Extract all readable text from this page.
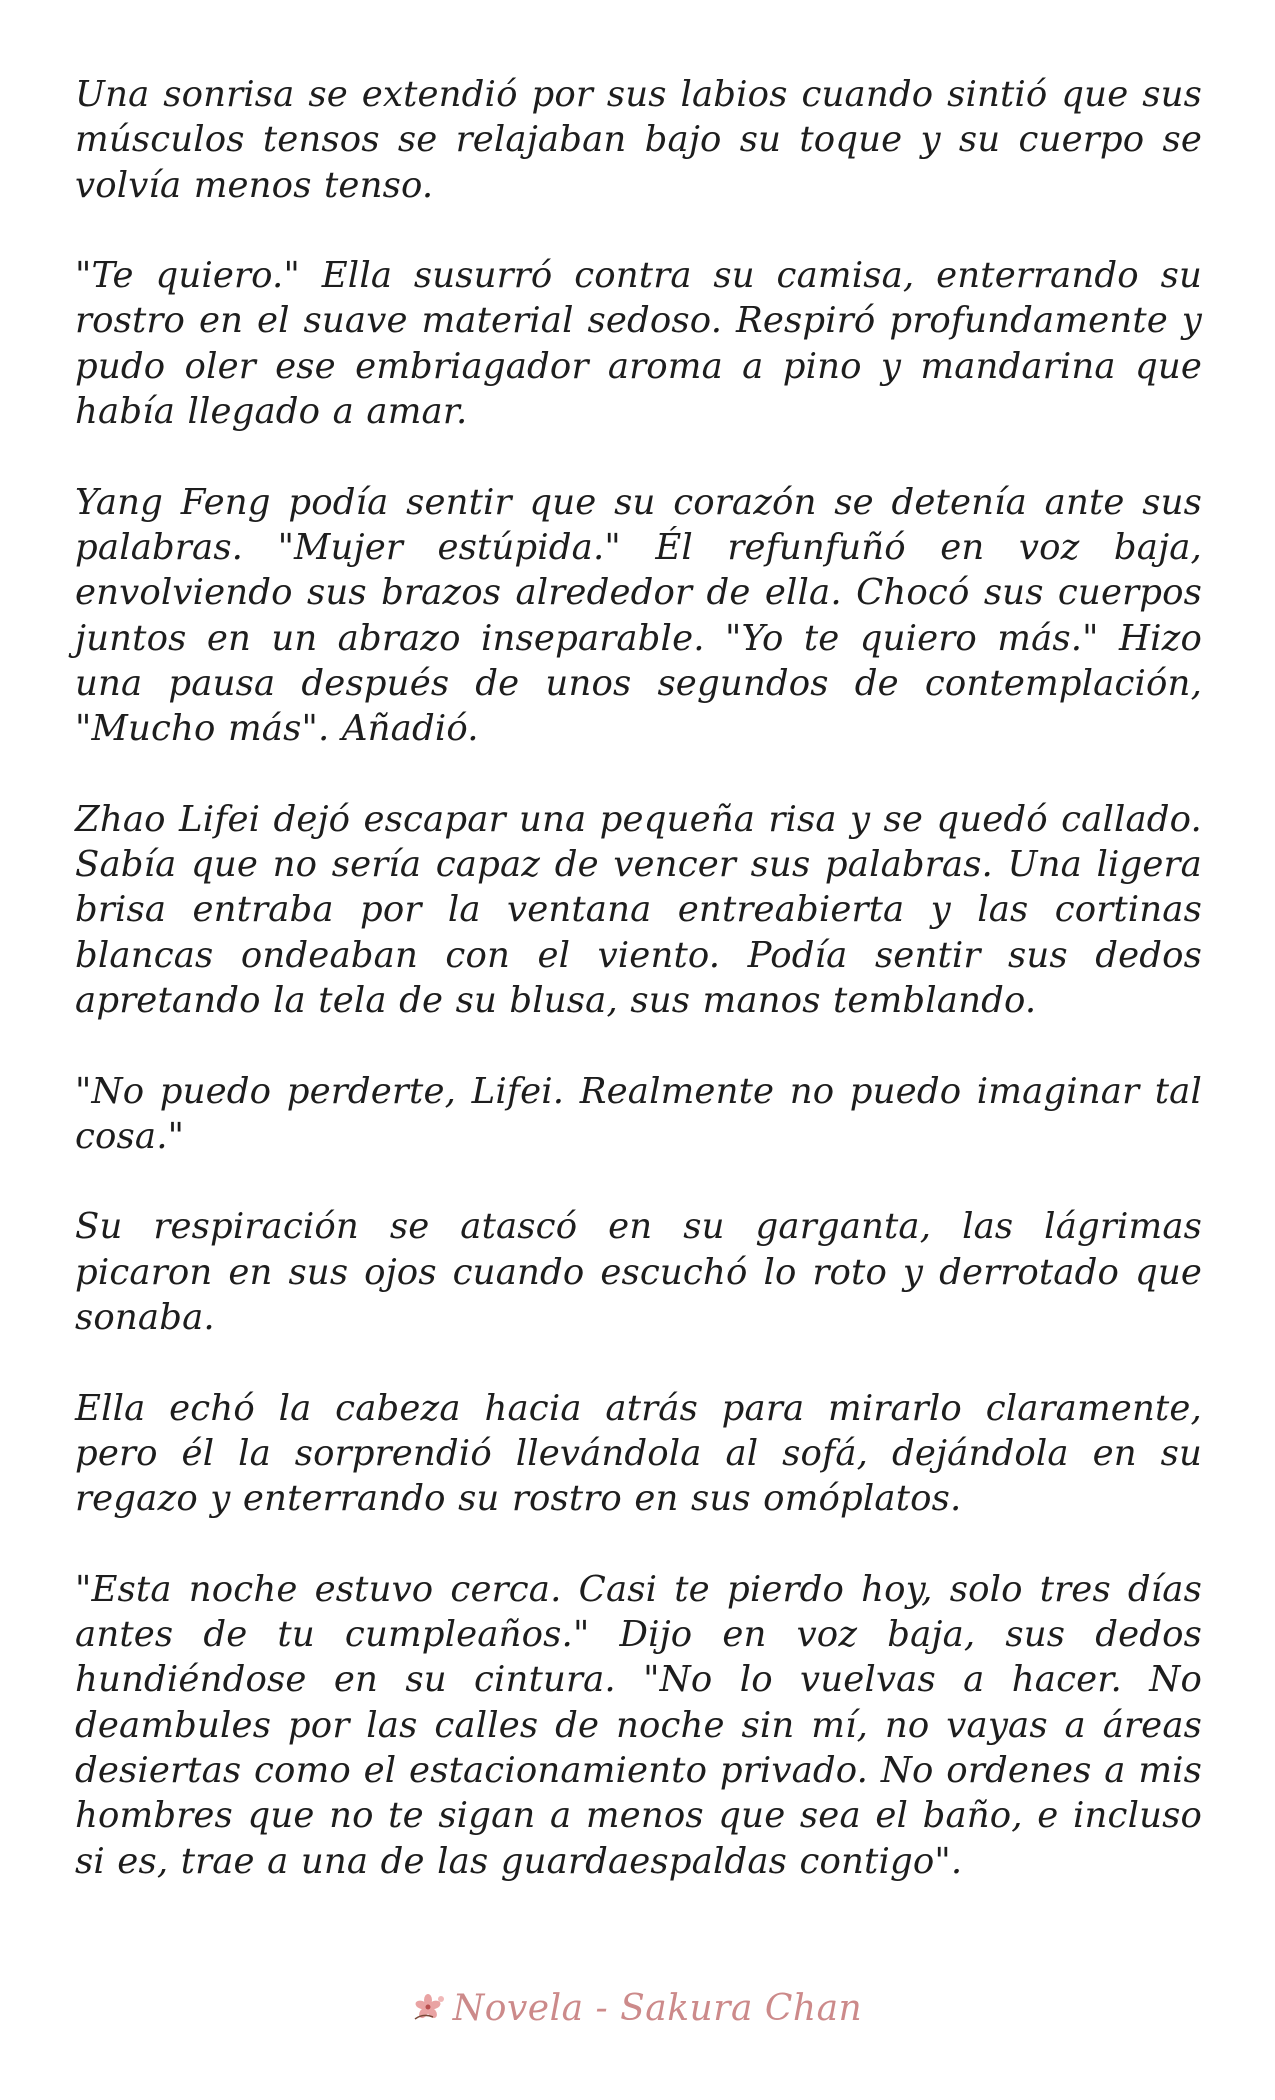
Una sonrisa se extendió por sus labios cuando sintió que sus músculos tensos se relajaban bajo su toque y su cuerpo se volvía menos tenso.

"Te quiero." Ella susurró contra su camisa, enterrando su rostro en el suave material sedoso. Respiró profundamente y pudo oler ese embriagador aroma a pino y mandarina que había llegado a amar.

Yang Feng podía sentir que su corazón se detenía ante sus palabras. "Mujer estúpida." Él refunfuñó en voz baja, envolviendo sus brazos alrededor de ella. Chocó sus cuerpos juntos en un abrazo inseparable. "Yo te quiero más." Hizo una pausa después de unos segundos de contemplación, "Mucho más". Añadió.

Zhao Lifei dejó escapar una pequeña risa y se quedó callado. Sabía que no sería capaz de vencer sus palabras. Una ligera brisa entraba por la ventana entreabierta y las cortinas blancas ondeaban con el viento. Podía sentir sus dedos apretando la tela de su blusa, sus manos temblando.

"No puedo perderte, Lifei. Realmente no puedo imaginar tal cosa."

Su respiración se atascó en su garganta, las lágrimas picaron en sus ojos cuando escuchó lo roto y derrotado que sonaba.

Ella echó la cabeza hacia atrás para mirarlo claramente, pero él la sorprendió llevándola al sofá, dejándola en su regazo y enterrando su rostro en sus omóplatos.

"Esta noche estuvo cerca. Casi te pierdo hoy, solo tres días antes de tu cumpleaños." Dijo en voz baja, sus dedos hundiéndose en su cintura. "No lo vuelvas a hacer. No deambules por las calles de noche sin mí, no vayas a áreas desiertas como el estacionamiento privado. No ordenes a mis hombres que no te sigan a menos que sea el baño, e incluso si es, trae a una de las guardaespaldas contigo".

Novela - Sakura Chan
